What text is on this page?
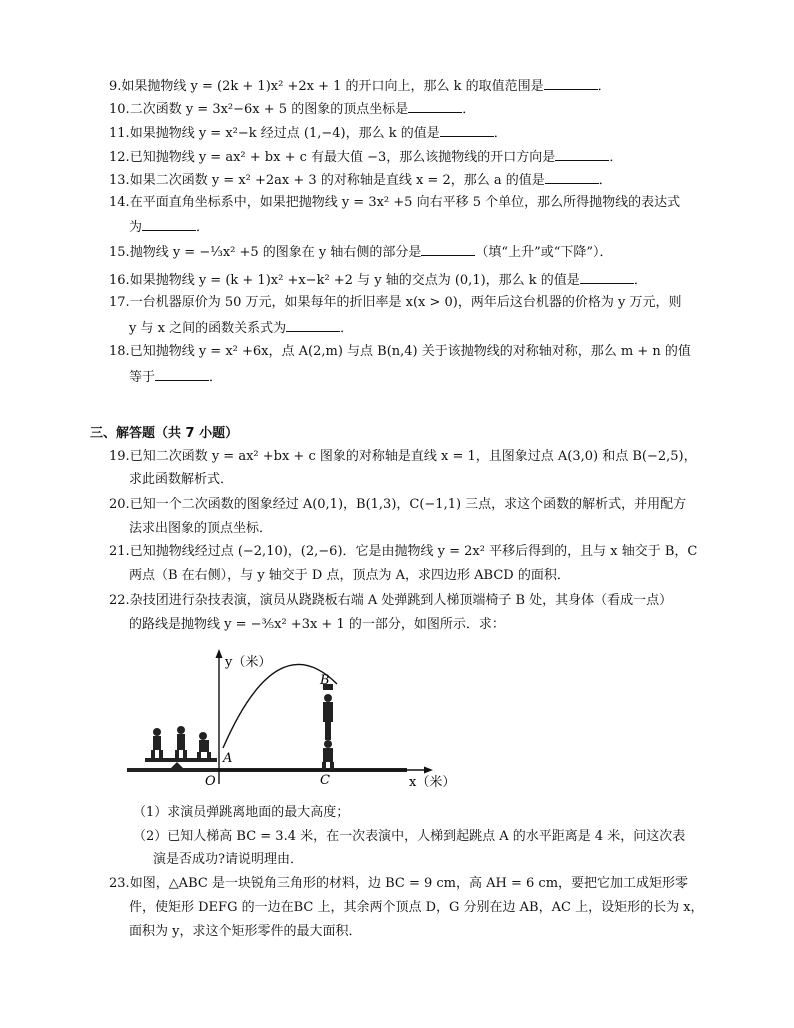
9.如果抛物线 y = (2k + 1)x² +2x + 1 的开口向上，那么 k 的取值范围是	．
10.二次函数 y = 3x²−6x + 5 的图象的顶点坐标是	．
11.如果抛物线 y = x²−k 经过点 (1,−4)，那么 k 的值是	．
12.已知抛物线 y = ax² + bx + c 有最大值 −3，那么该抛物线的开口方向是	．
13.如果二次函数 y = x² +2ax + 3 的对称轴是直线 x = 2，那么 a 的值是	．
14.在平面直角坐标系中，如果把抛物线 y = 3x² +5 向右平移 5 个单位，那么所得抛物线的表达式
为	．
15.抛物线 y = −⅓x² +5 的图象在 y 轴右侧的部分是	（填“上升”或“下降”）．
16.如果抛物线 y = (k + 1)x² +x−k² +2 与 y 轴的交点为 (0,1)，那么 k 的值是	．
17.一台机器原价为 50 万元，如果每年的折旧率是 x(x > 0)，两年后这台机器的价格为 y 万元，则
y 与 x 之间的函数关系式为	．
18.已知抛物线 y = x² +6x，点 A(2,m) 与点 B(n,4) 关于该抛物线的对称轴对称，那么 m + n 的值
等于	．
三、解答题（共 7 小题）
19.已知二次函数 y = ax² +bx + c 图象的对称轴是直线 x = 1，且图象过点 A(3,0) 和点 B(−2,5)，
求此函数解析式．
20.已知一个二次函数的图象经过 A(0,1)，B(1,3)，C(−1,1) 三点，求这个函数的解析式，并用配方
法求出图象的顶点坐标．
21.已知抛物线经过点 (−2,10)，(2,−6)．它是由抛物线 y = 2x² 平移后得到的，且与 x 轴交于 B，C
两点（B 在右侧），与 y 轴交于 D 点，顶点为 A，求四边形 ABCD 的面积．
22.杂技团进行杂技表演，演员从跷跷板右端 A 处弹跳到人梯顶端椅子 B 处，其身体（看成一点）
的路线是抛物线 y = −⅗x² +3x + 1 的一部分，如图所示．求：
y（米）
x（米）
O
A
B
C
（1）求演员弹跳离地面的最大高度；
（2）已知人梯高 BC = 3.4 米，在一次表演中，人梯到起跳点 A 的水平距离是 4 米，问这次表
演是否成功?请说明理由．
23.如图，△ABC 是一块锐角三角形的材料，边 BC = 9 cm，高 AH = 6 cm，要把它加工成矩形零
件，使矩形 DEFG 的一边在BC 上，其余两个顶点 D，G 分别在边 AB，AC 上，设矩形的长为 x，
面积为 y，求这个矩形零件的最大面积．
